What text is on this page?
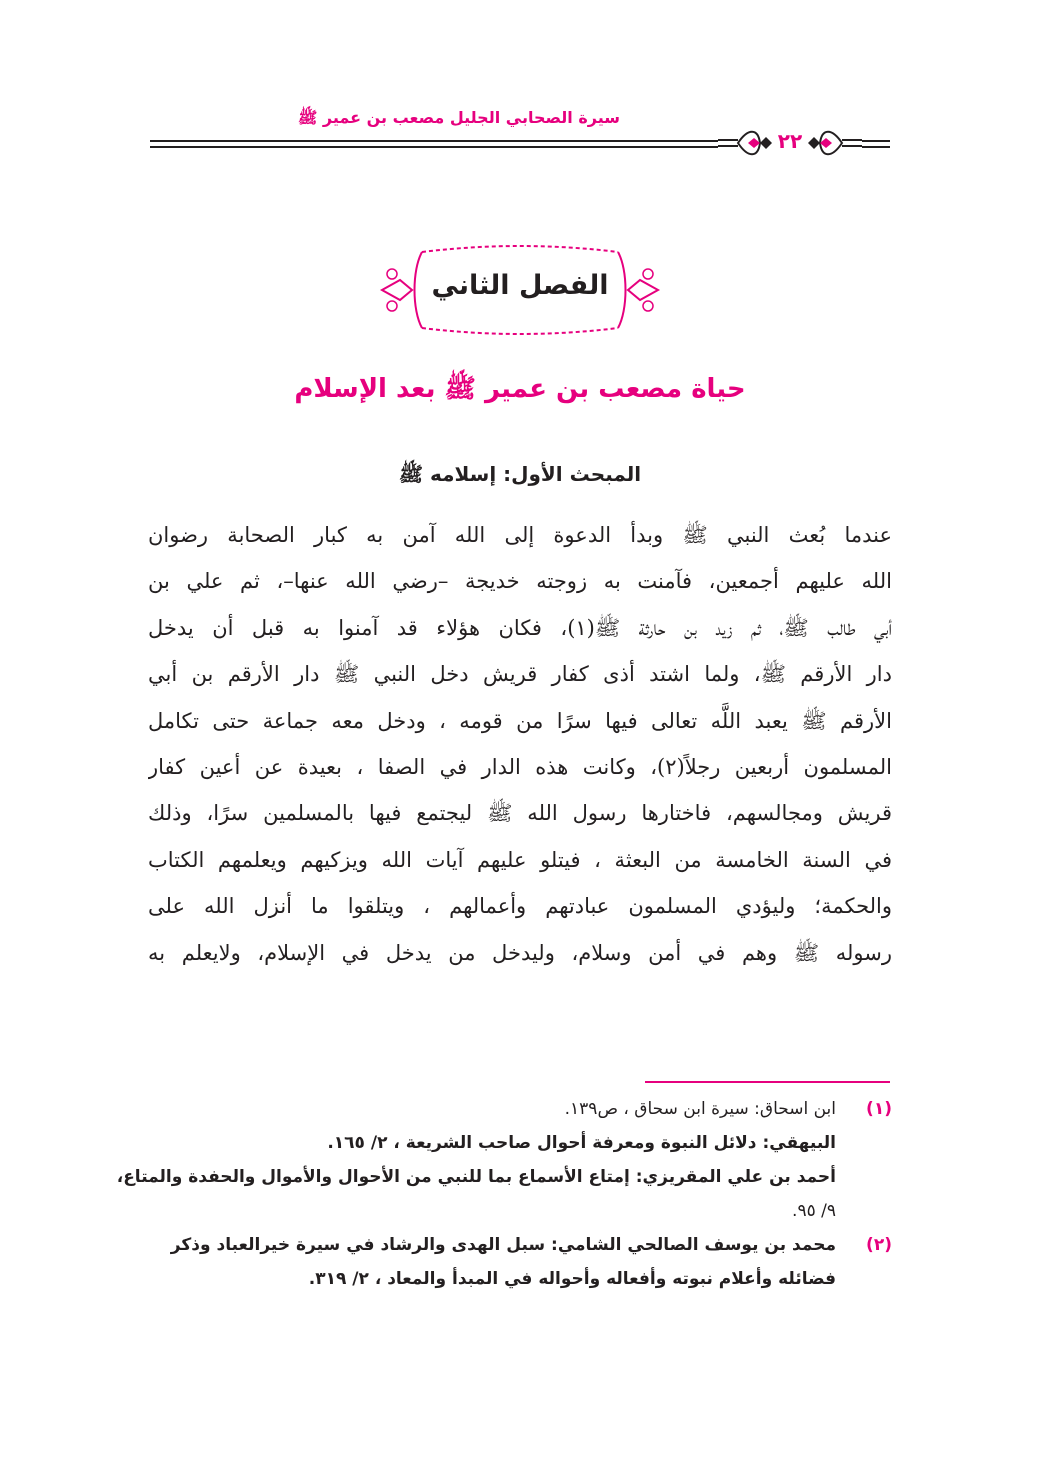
سيرة الصحابي الجليل مصعب بن عمير ﷺ
٢٢
الفصل الثاني
حياة مصعب بن عمير ﷺ بعد الإسلام
المبحث الأول: إسلامه ﷺ
عندما بُعث النبي ﷺ وبدأ الدعوة إلى الله آمن به كبار الصحابة رضوان
الله عليهم أجمعين، فآمنت به زوجته خديجة –رضي الله عنها–، ثم علي بن
أبي طالب ﷺ، ثم زيد بن حارثة ﷺ(١)، فكان هؤلاء قد آمنوا به قبل أن يدخل
دار الأرقم ﷺ، ولما اشتد أذى كفار قريش دخل النبي ﷺ دار الأرقم بن أبي
الأرقم ﷺ يعبد اللَّه تعالى فيها سرًا من قومه ، ودخل معه جماعة حتى تكامل
المسلمون أربعين رجلاً(٢)، وكانت هذه الدار في الصفا ، بعيدة عن أعين كفار
قريش ومجالسهم، فاختارها رسول الله ﷺ ليجتمع فيها بالمسلمين سرًا، وذلك
في السنة الخامسة من البعثة ، فيتلو عليهم آيات الله ويزكيهم ويعلمهم الكتاب
والحكمة؛ وليؤدي المسلمون عبادتهم وأعمالهم ، ويتلقوا ما أنزل الله على
رسوله ﷺ وهم في أمن وسلام، وليدخل من يدخل في الإسلام، ولايعلم به
(١)
ابن اسحاق: سيرة ابن سحاق ، ص١٣٩.
البيهقي: دلائل النبوة ومعرفة أحوال صاحب الشريعة ، ٢/ ١٦٥.
أحمد بن علي المقريزي: إمتاع الأسماع بما للنبي من الأحوال والأموال والحفدة والمتاع،
٩/ ٩٥.
(٢)
محمد بن يوسف الصالحي الشامي: سبل الهدى والرشاد في سيرة خيرالعباد وذكر
فضائله وأعلام نبوته وأفعاله وأحواله في المبدأ والمعاد ، ٢/ ٣١٩.
